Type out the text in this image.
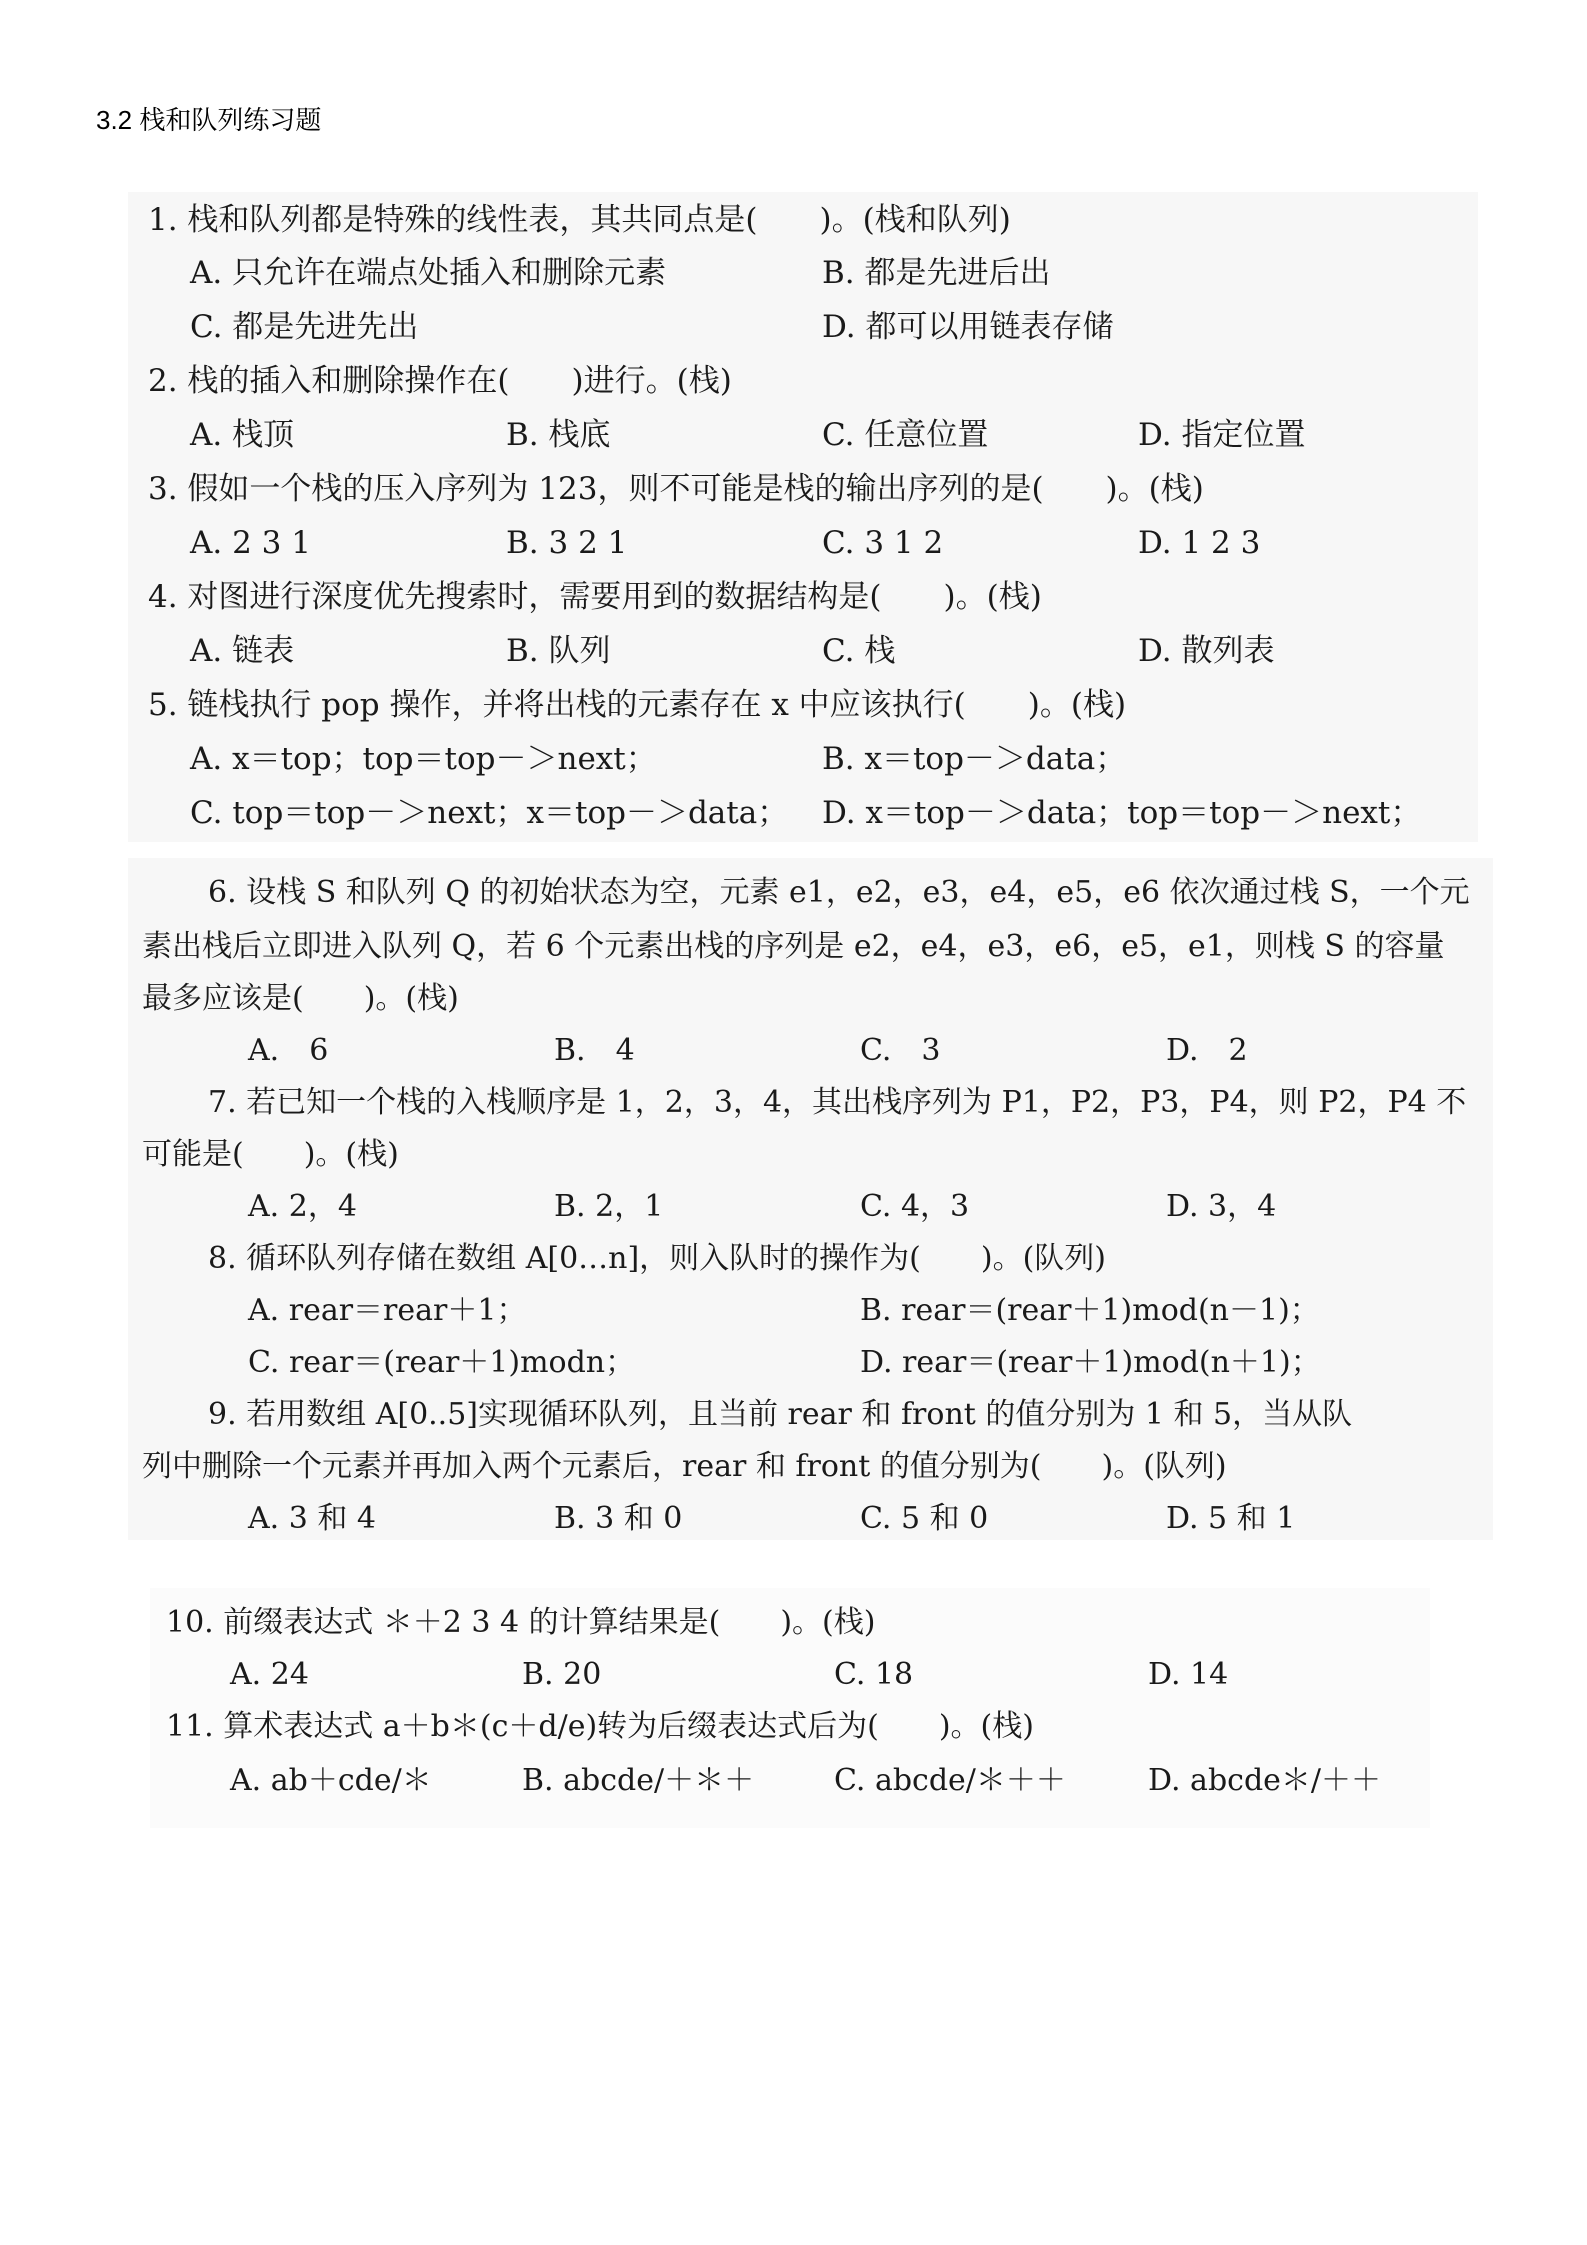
3.2 栈和队列练习题
1. 栈和队列都是特殊的线性表，其共同点是(　　)。(栈和队列)
A. 只允许在端点处插入和删除元素	B. 都是先进后出
C. 都是先进先出	D. 都可以用链表存储
2. 栈的插入和删除操作在(　　)进行。(栈)
A. 栈顶	B. 栈底	C. 任意位置	D. 指定位置
3. 假如一个栈的压入序列为 123，则不可能是栈的输出序列的是(　　)。(栈)
A. 2 3 1	B. 3 2 1	C. 3 1 2	D. 1 2 3
4. 对图进行深度优先搜索时，需要用到的数据结构是(　　)。(栈)
A. 链表	B. 队列	C. 栈	D. 散列表
5. 链栈执行 pop 操作，并将出栈的元素存在 x 中应该执行(　　)。(栈)
A. x＝top；top＝top－＞next；	B. x＝top－＞data；
C. top＝top－＞next；x＝top－＞data； D. x＝top－＞data；top＝top－＞next；
6. 设栈 S 和队列 Q 的初始状态为空，元素 e1，e2，e3，e4，e5，e6 依次通过栈 S，一个元
素出栈后立即进入队列 Q，若 6 个元素出栈的序列是 e2，e4，e3，e6，e5，e1，则栈 S 的容量
最多应该是(　　)。(栈)
A.　6	B.　4	C.　3	D.　2
7. 若已知一个栈的入栈顺序是 1，2，3，4，其出栈序列为 P1，P2，P3，P4，则 P2，P4 不
可能是(　　)。(栈)
A. 2，4	B. 2，1	C. 4，3	D. 3，4
8. 循环队列存储在数组 A[0…n]，则入队时的操作为(　　)。(队列)
A. rear＝rear＋1；	B. rear＝(rear＋1)mod(n－1)；
C. rear＝(rear＋1)modn；	D. rear＝(rear＋1)mod(n＋1)；
9. 若用数组 A[0..5]实现循环队列，且当前 rear 和 front 的值分别为 1 和 5，当从队
列中删除一个元素并再加入两个元素后，rear 和 front 的值分别为(　　)。(队列)
A. 3 和 4	B. 3 和 0	C. 5 和 0	D. 5 和 1
10. 前缀表达式 ＊＋2 3 4 的计算结果是(　　)。(栈)
A. 24	B. 20	C. 18	D. 14
11. 算术表达式 a＋b＊(c＋d/e)转为后缀表达式后为(　　)。(栈)
A. ab＋cde/＊	B. abcde/＋＊＋	C. abcde/＊＋＋	D. abcde＊/＋＋
